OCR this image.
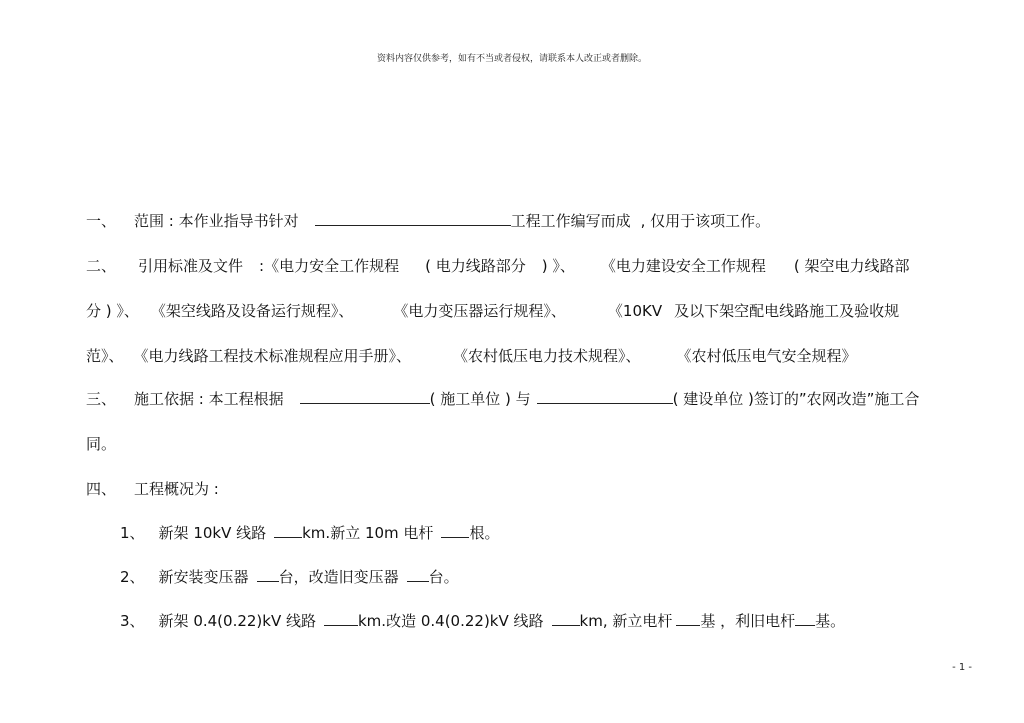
资料内容仅供参考，如有不当或者侵权，请联系本人改正或者删除。
一、 范围 : 本作业指导书针对	工程工作编写而成 , 仅用于该项工作。
二、 引用标准及文件 :《电力安全工作规程 ( 电力线路部分 ) 》、 《电力建设安全工作规程 ( 架空电力线路部
分 ) 》、 《架空线路及设备运行规程》、	《电力变压器运行规程》、	《10KV 及以下架空配电线路施工及验收规
范》、 《电力线路工程技术标准规程应用手册》、	《农村低压电力技术规程》、 《农村低压电气安全规程》
三、 施工依据 : 本工程根据	( 施工单位 ) 与	( 建设单位 )签订的”农网改造”施工合
同。
四、 工程概况为 :
1、 新架 10kV 线路 km.新立 10m 电杆 根。
2、 新安装变压器 台，改造旧变压器 台。
3、 新架 0.4(0.22)kV 线路	km.改造 0.4(0.22)kV 线路 km, 新立电杆 基 ，利旧电杆 基。
- 1 -
